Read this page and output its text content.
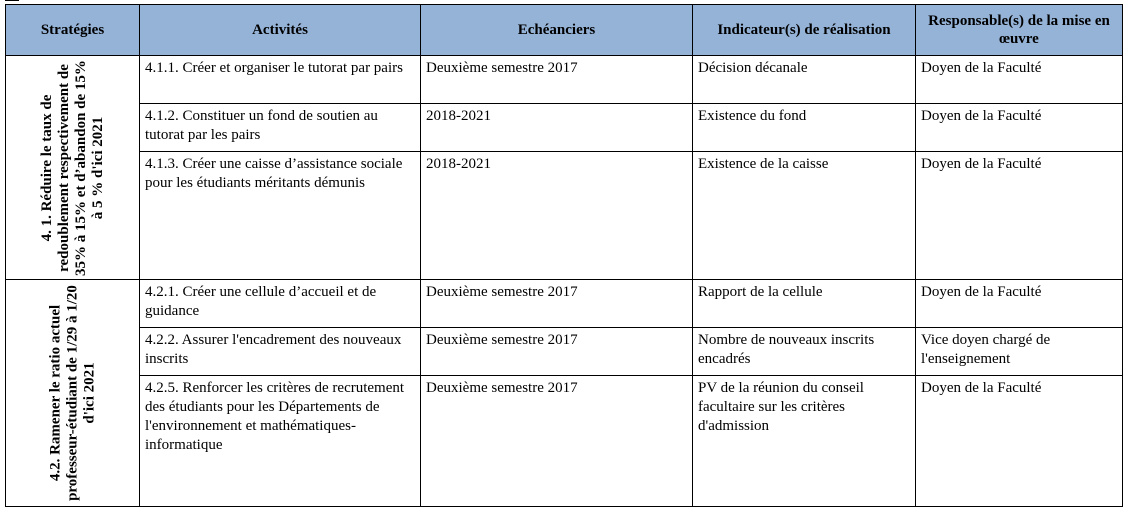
Stratégies	Activités	Echéanciers	Indicateur(s) de réalisation	Responsable(s) de la mise en œuvre

4. 1. Réduire le taux de redoublement respectivement de 35% à 15% et d’abandon de 15% à 5 % d'ici 2021	4.1.1. Créer et organiser le tutorat par pairs	Deuxième semestre 2017	Décision décanale	Doyen de la Faculté
	4.1.2. Constituer un fond de soutien au tutorat par les pairs	2018-2021	Existence du fond	Doyen de la Faculté
	4.1.3. Créer une caisse d’assistance sociale pour les étudiants méritants démunis	2018-2021	Existence de la caisse	Doyen de la Faculté

4.2. Ramener le ratio actuel professeur-étudiant de 1/29 à 1/20 d'ici 2021	4.2.1. Créer une cellule d’accueil et de guidance	Deuxième semestre 2017	Rapport de la cellule	Doyen de la Faculté
	4.2.2. Assurer l'encadrement des nouveaux inscrits	Deuxième semestre 2017	Nombre de nouveaux inscrits encadrés	Vice doyen chargé de l'enseignement
	4.2.5. Renforcer les critères de recrutement des étudiants pour les Départements de l'environnement et mathématiques-informatique	Deuxième semestre 2017	PV de la réunion du conseil facultaire sur les critères d'admission	Doyen de la Faculté
